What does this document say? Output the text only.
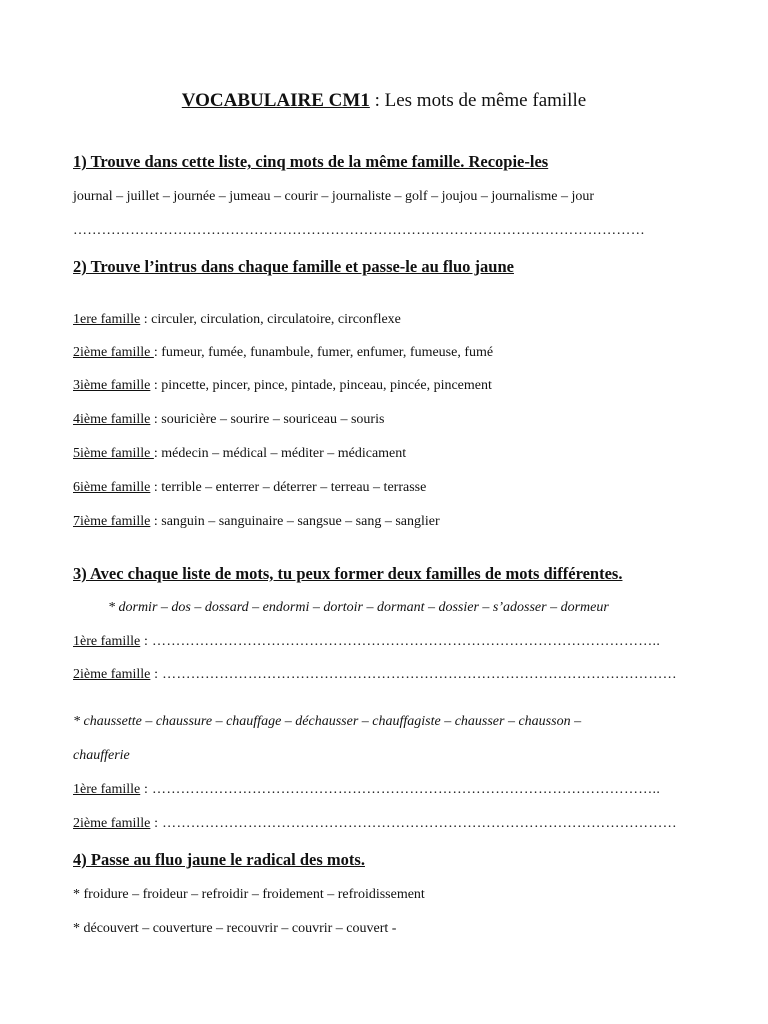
VOCABULAIRE CM1 : Les mots de même famille
1) Trouve dans cette liste, cinq mots de la même famille. Recopie-les
journal – juillet – journée – jumeau – courir – journaliste – golf – joujou – journalisme – jour
…………………………………………………………………………………………………………
2) Trouve l’intrus dans chaque famille et passe-le au fluo jaune
1ere famille : circuler, circulation, circulatoire, circonflexe
2ième famille : fumeur, fumée, funambule, fumer, enfumer, fumeuse, fumé
3ième famille : pincette, pincer, pince, pintade, pinceau, pincée, pincement
4ième famille : souricière – sourire – souriceau – souris
5ième famille : médecin – médical – méditer – médicament
6ième famille : terrible – enterrer – déterrer – terreau – terrasse
7ième famille : sanguin – sanguinaire – sangsue – sang – sanglier
3) Avec chaque liste de mots, tu peux former deux familles de mots différentes.
* dormir – dos – dossard – endormi – dortoir – dormant – dossier – s’adosser – dormeur
1ère famille : ……………………………………………………………………………………………..
2ième famille : ………………………………………………………………………………………………
* chaussette – chaussure – chauffage – déchausser – chauffagiste – chausser – chausson –
chaufferie
1ère famille : ……………………………………………………………………………………………..
2ième famille : ………………………………………………………………………………………………
4) Passe au fluo jaune le radical des mots.
* froidure – froideur – refroidir – froidement – refroidissement
* découvert – couverture – recouvrir – couvrir – couvert -
